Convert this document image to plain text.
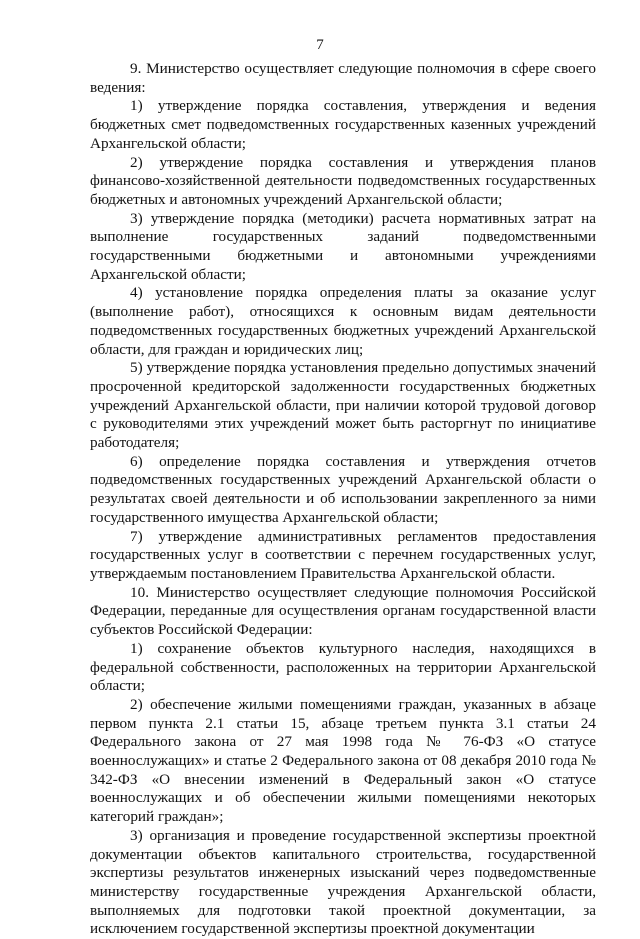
7

9. Министерство осуществляет следующие полномочия в сфере своего ведения:

1) утверждение порядка составления, утверждения и ведения бюджетных смет подведомственных государственных казенных учреждений Архангельской области;

2) утверждение порядка составления и утверждения планов финансово-хозяйственной деятельности подведомственных государственных бюджетных и автономных учреждений Архангельской области;

3) утверждение порядка (методики) расчета нормативных затрат на выполнение государственных заданий подведомственными государственными бюджетными и автономными учреждениями Архангельской области;

4) установление порядка определения платы за оказание услуг (выполнение работ), относящихся к основным видам деятельности подведомственных государственных бюджетных учреждений Архангельской области, для граждан и юридических лиц;

5) утверждение порядка установления предельно допустимых значений просроченной кредиторской задолженности государственных бюджетных учреждений Архангельской области, при наличии которой трудовой договор с руководителями этих учреждений может быть расторгнут по инициативе работодателя;

6) определение порядка составления и утверждения отчетов подведомственных государственных учреждений Архангельской области о результатах своей деятельности и об использовании закрепленного за ними государственного имущества Архангельской области;

7) утверждение административных регламентов предоставления государственных услуг в соответствии с перечнем государственных услуг, утверждаемым постановлением Правительства Архангельской области.

10. Министерство осуществляет следующие полномочия Российской Федерации, переданные для осуществления органам государственной власти субъектов Российской Федерации:

1) сохранение объектов культурного наследия, находящихся в федеральной собственности, расположенных на территории Архангельской области;

2) обеспечение жилыми помещениями граждан, указанных в абзаце первом пункта 2.1 статьи 15, абзаце третьем пункта 3.1 статьи 24 Федерального закона от 27 мая 1998 года № 76-ФЗ «О статусе военнослужащих» и статье 2 Федерального закона от 08 декабря 2010 года № 342-ФЗ «О внесении изменений в Федеральный закон «О статусе военнослужащих и об обеспечении жилыми помещениями некоторых категорий граждан»;

3) организация и проведение государственной экспертизы проектной документации объектов капитального строительства, государственной экспертизы результатов инженерных изысканий через подведомственные министерству государственные учреждения Архангельской области, выполняемых для подготовки такой проектной документации, за исключением государственной экспертизы проектной документации
